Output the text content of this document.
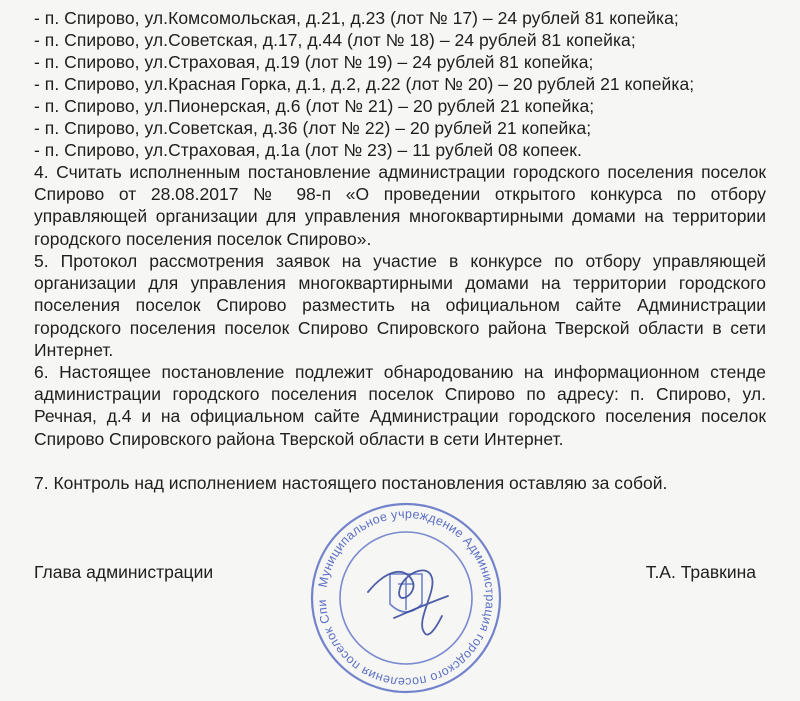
- п. Спирово, ул.Комсомольская, д.21, д.23 (лот № 17) – 24 рублей 81 копейка;
- п. Спирово, ул.Советская, д.17, д.44 (лот № 18) – 24 рублей 81 копейка;
- п. Спирово, ул.Страховая, д.19 (лот № 19) – 24 рублей 81 копейка;
- п. Спирово, ул.Красная Горка, д.1, д.2, д.22 (лот № 20) – 20 рублей 21 копейка;
- п. Спирово, ул.Пионерская, д.6 (лот № 21) – 20 рублей 21 копейка;
- п. Спирово, ул.Советская, д.36 (лот № 22) – 20 рублей 21 копейка;
- п. Спирово, ул.Страховая, д.1а (лот № 23) – 11 рублей 08 копеек.
4. Считать исполненным постановление администрации городского поселения поселок Спирово от 28.08.2017 № 98-п «О проведении открытого конкурса по отбору управляющей организации для управления многоквартирными домами на территории городского поселения поселок Спирово».
5. Протокол рассмотрения заявок на участие в конкурсе по отбору управляющей организации для управления многоквартирными домами на территории городского поселения поселок Спирово разместить на официальном сайте Администрации городского поселения поселок Спирово Спировского района Тверской области в сети Интернет.
6. Настоящее постановление подлежит обнародованию на информационном стенде администрации городского поселения поселок Спирово по адресу: п. Спирово, ул. Речная, д.4 и на официальном сайте Администрации городского поселения поселок Спирово Спировского района Тверской области в сети Интернет.
7. Контроль над исполнением настоящего постановления оставляю за собой.
Муниципальное учреждение Администрация городского поселения поселок Спи
Глава администрации	Т.А. Травкина
